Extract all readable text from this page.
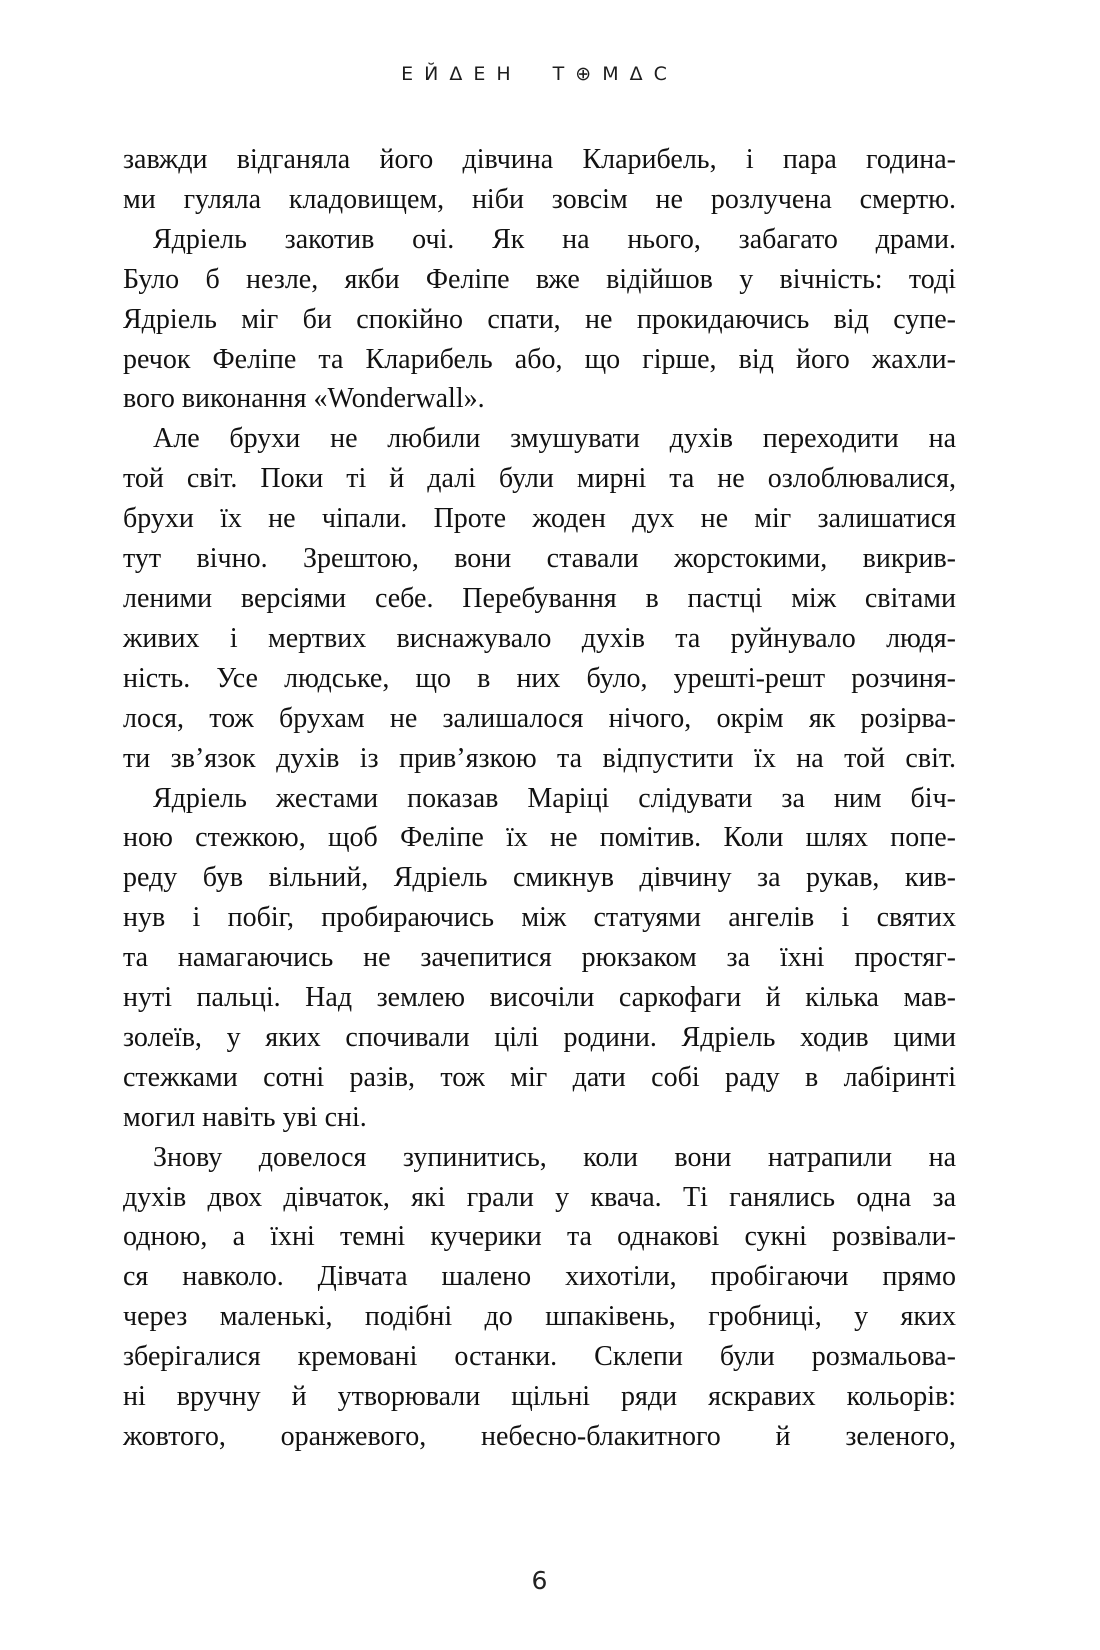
ЕЙΔЕН Т⊕МΔС
завжди відганяла його дівчина Кларибель, і пара година-
ми гуляла кладовищем, ніби зовсім не розлучена смертю.
Ядріель закотив очі. Як на нього, забагато драми.
Було б незле, якби Феліпе вже відійшов у вічність: тоді
Ядріель міг би спокійно спати, не прокидаючись від супе-
речок Феліпе та Кларибель або, що гірше, від його жахли-
вого виконання «Wonderwall».
Але брухи не любили змушувати духів переходити на
той світ. Поки ті й далі були мирні та не озлоблювалися,
брухи їх не чіпали. Проте жоден дух не міг залишатися
тут вічно. Зрештою, вони ставали жорстокими, викрив-
леними версіями себе. Перебування в пастці між світами
живих і мертвих виснажувало духів та руйнувало людя-
ність. Усе людське, що в них було, урешті-решт розчиня-
лося, тож брухам не залишалося нічого, окрім як розірва-
ти зв’язок духів із прив’язкою та відпустити їх на той світ.
Ядріель жестами показав Маріці слідувати за ним біч-
ною стежкою, щоб Феліпе їх не помітив. Коли шлях попе-
реду був вільний, Ядріель смикнув дівчину за рукав, кив-
нув і побіг, пробираючись між статуями ангелів і святих
та намагаючись не зачепитися рюкзаком за їхні простяг-
нуті пальці. Над землею височіли саркофаги й кілька мав-
золеїв, у яких спочивали цілі родини. Ядріель ходив цими
стежками сотні разів, тож міг дати собі раду в лабіринті
могил навіть уві сні.
Знову довелося зупинитись, коли вони натрапили на
духів двох дівчаток, які грали у квача. Ті ганялись одна за
одною, а їхні темні кучерики та однакові сукні розвівали-
ся навколо. Дівчата шалено хихотіли, пробігаючи прямо
через маленькі, подібні до шпаківень, гробниці, у яких
зберігалися кремовані останки. Склепи були розмальова-
ні вручну й утворювали щільні ряди яскравих кольорів:
жовтого, оранжевого, небесно-блакитного й зеленого,
6
